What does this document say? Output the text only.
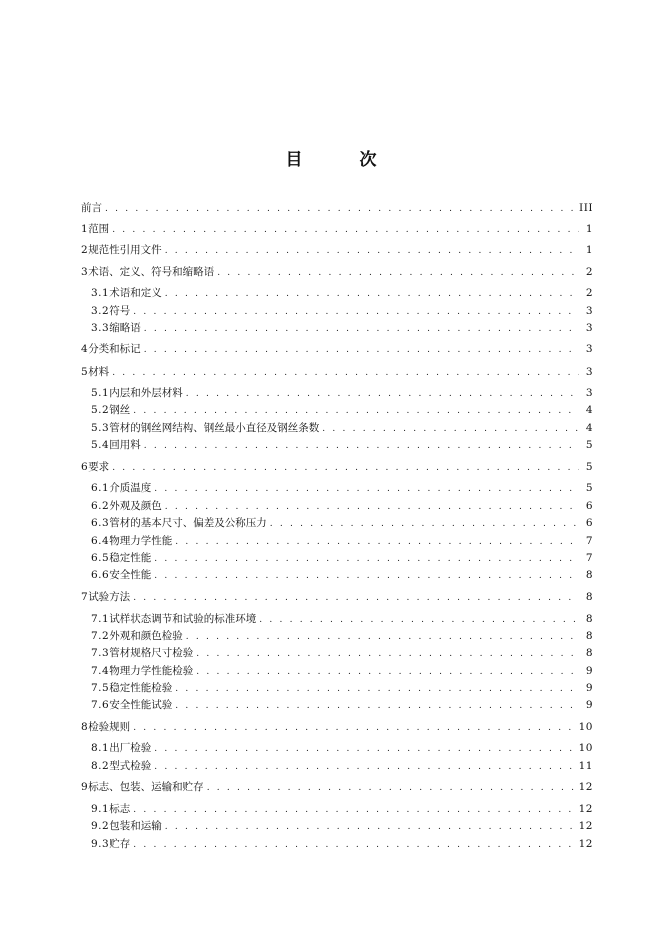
目　次
前言 . . .	III
1 范围 . . .	1
2 规范性引用文件 . . .	1
3 术语、定义、符号和缩略语 . . .	2
3.1 术语和定义 . . .	2
3.2 符号 . . .	3
3.3 缩略语 . . .	3
4 分类和标记 . . .	3
5 材料 . . .	3
5.1 内层和外层材料 . . .	3
5.2 钢丝 . . .	4
5.3 管材的钢丝网结构、钢丝最小直径及钢丝条数 . . .	4
5.4 回用料 . . .	5
6 要求 . . .	5
6.1 介质温度 . . .	5
6.2 外观及颜色 . . .	6
6.3 管材的基本尺寸、偏差及公称压力 . . .	6
6.4 物理力学性能 . . .	7
6.5 稳定性能 . . .	7
6.6 安全性能 . . .	8
7 试验方法 . . .	8
7.1 试样状态调节和试验的标准环境 . . .	8
7.2 外观和颜色检验 . . .	8
7.3 管材规格尺寸检验 . . .	8
7.4 物理力学性能检验 . . .	9
7.5 稳定性能检验 . . .	9
7.6 安全性能试验 . . .	9
8 检验规则 . . .	10
8.1 出厂检验 . . .	10
8.2 型式检验 . . .	11
9 标志、包装、运输和贮存 . . .	12
9.1 标志 . . .	12
9.2 包装和运输 . . .	12
9.3 贮存 . . .	12
